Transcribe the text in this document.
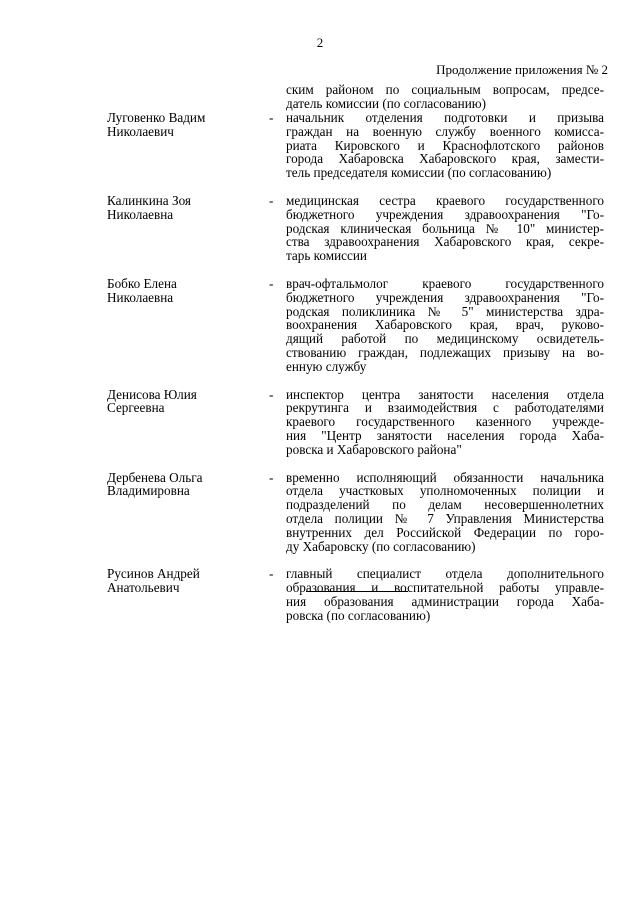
2
Продолжение приложения № 2
ским районом по социальным вопросам, предсе-
датель комиссии (по согласованию)
Луговенко Вадим
Николаевич
- начальник отделения подготовки и призыва
граждан на военную службу военного комисса-
риата Кировского и Краснофлотского районов
города Хабаровска Хабаровского края, замести-
тель председателя комиссии (по согласованию)
Калинкина Зоя
Николаевна
- медицинская сестра краевого государственного
бюджетного учреждения здравоохранения "Го-
родская клиническая больница № 10" министер-
ства здравоохранения Хабаровского края, секре-
тарь комиссии
Бобко Елена
Николаевна
- врач-офтальмолог краевого государственного
бюджетного учреждения здравоохранения "Го-
родская поликлиника № 5" министерства здра-
воохранения Хабаровского края, врач, руково-
дящий работой по медицинскому освидетель-
ствованию граждан, подлежащих призыву на во-
енную службу
Денисова Юлия
Сергеевна
- инспектор центра занятости населения отдела
рекрутинга и взаимодействия с работодателями
краевого государственного казенного учрежде-
ния "Центр занятости населения города Хаба-
ровска и Хабаровского района"
Дербенева Ольга
Владимировна
- временно исполняющий обязанности начальника
отдела участковых уполномоченных полиции и
подразделений по делам несовершеннолетних
отдела полиции № 7 Управления Министерства
внутренних дел Российской Федерации по горо-
ду Хабаровску (по согласованию)
Русинов Андрей
Анатольевич
- главный специалист отдела дополнительного
образования и воспитательной работы управле-
ния образования администрации города Хаба-
ровска (по согласованию)
